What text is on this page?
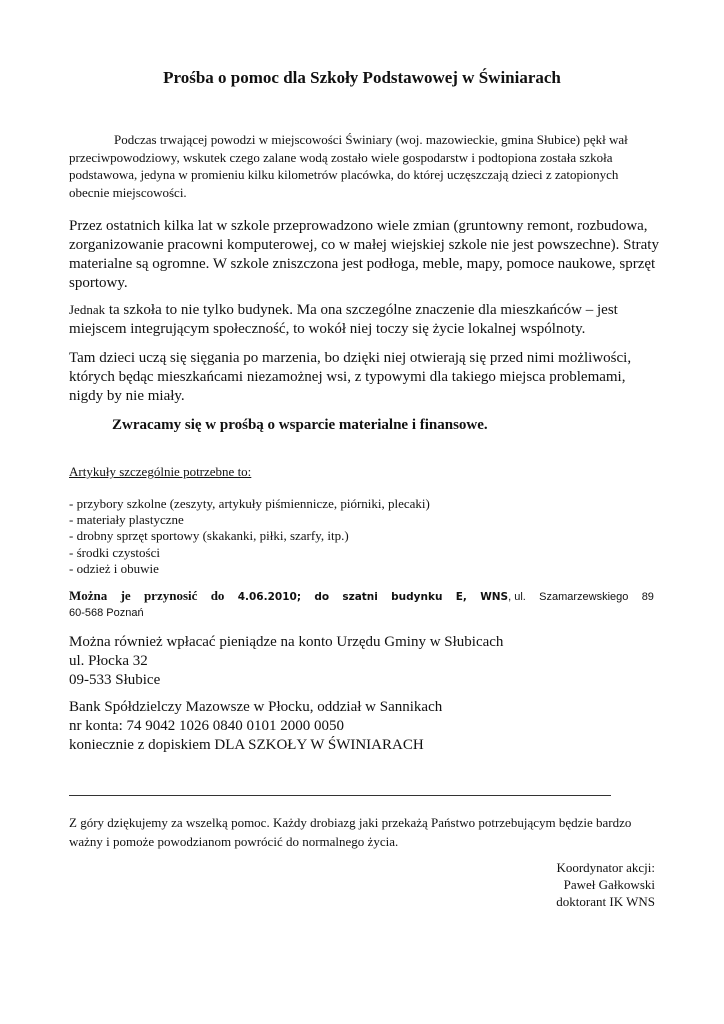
Prośba o pomoc dla Szkoły Podstawowej w Świniarach

Podczas trwającej powodzi w miejscowości Świniary (woj. mazowieckie, gmina Słubice) pękł wał przeciwpowodziowy, wskutek czego zalane wodą zostało wiele gospodarstw i podtopiona została szkoła podstawowa, jedyna w promieniu kilku kilometrów placówka, do której uczęszczają dzieci z zatopionych obecnie miejscowości.

Przez ostatnich kilka lat w szkole przeprowadzono wiele zmian (gruntowny remont, rozbudowa, zorganizowanie pracowni komputerowej, co w małej wiejskiej szkole nie jest powszechne). Straty materialne są ogromne. W szkole zniszczona jest podłoga, meble, mapy, pomoce naukowe, sprzęt sportowy.

Jednak ta szkoła to nie tylko budynek. Ma ona szczególne znaczenie dla mieszkańców – jest miejscem integrującym społeczność, to wokół niej toczy się życie lokalnej wspólnoty.

Tam dzieci uczą się sięgania po marzenia, bo dzięki niej otwierają się przed nimi możliwości, których będąc mieszkańcami niezamożnej wsi, z typowymi dla takiego miejsca problemami, nigdy by nie miały.

Zwracamy się w prośbą o wsparcie materialne i finansowe.
Artykuły szczególnie potrzebne to:
- przybory szkolne (zeszyty, artykuły piśmiennicze, piórniki, plecaki)
- materiały plastyczne
- drobny sprzęt sportowy (skakanki, piłki, szarfy, itp.)
- środki czystości
- odzież i obuwie
Można je przynosić do 4.06.2010; do szatni budynku E, WNS, ul. Szamarzewskiego 89
60-568 Poznań
Można również wpłacać pieniądze na konto Urzędu Gminy w Słubicach
ul. Płocka 32
09-533 Słubice
Bank Spółdzielczy Mazowsze w Płocku, oddział w Sannikach
nr konta: 74 9042 1026 0840 0101 2000 0050
koniecznie z dopiskiem DLA SZKOŁY W ŚWINIARACH

Z góry dziękujemy za wszelką pomoc. Każdy drobiazg jaki przekażą Państwo potrzebującym będzie bardzo ważny i pomoże powodzianom powrócić do normalnego życia.

Koordynator akcji:
Paweł Gałkowski
doktorant IK WNS
